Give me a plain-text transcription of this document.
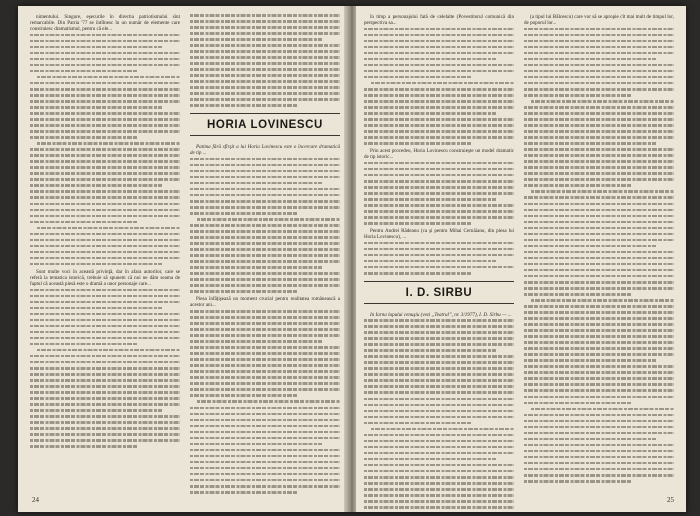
nimentului. Singure, eşecurile în directia patriotismului sînt remarcabile. Din Patria '77 se întîlnesc în un număr de elemente care construiesc dramatismul, pentru că ele...

Sunt multe voci în această privinţă, dar în afara autorilor, care se referă la tematica istorică, trebuie să spunem că noi ne dăm seama de faptul că această piesă este o dramă a unor personaje care...

HORIA LOVINESCU

Patima fără sfîrşit a lui Horia Lovinescu este o încercare dramatică de tip ...

Piesa înfăţişează un moment crucial pentru realitatea românească a acestor ani...

24

în timp a personajului fată de celelalte (Povestitorul comunică din perspectiva sa...

Prin acest procedeu, Horia Lovinescu construieşte un model dramatic de tip istoric...

Pentru Andrei Rădeanu (ca şi pentru Mihai Cernăianu, din piesa lui Horia Lovinescu), ...

I. D. SIRBU

In Iarna lupului cenuşiu (vezi „Teatrul”, nr. 3/1977), I. D. Sîrbu — ...

(a tipul lui Bălcescu) care vor să se apropie cît mai mult de timpul lor, de poporul lor...

25
